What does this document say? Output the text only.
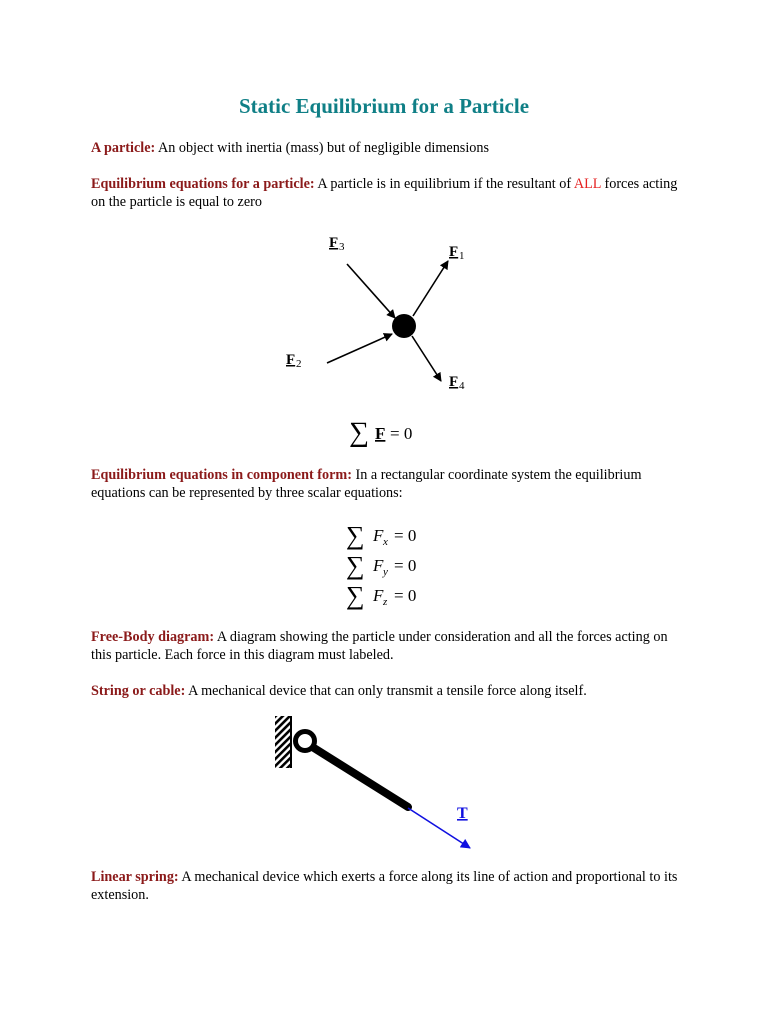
Static Equilibrium for a Particle
A particle: An object with inertia (mass) but of negligible dimensions
Equilibrium equations for a particle: A particle is in equilibrium if the resultant of ALL forces acting on the particle is equal to zero
F 3	F 1
F 2
F 4
∑ F = 0
∑ F x = 0
∑ F y = 0
∑ F z = 0
T
Equilibrium equations in component form: In a rectangular coordinate system the equilibrium equations can be represented by three scalar equations:
Free-Body diagram: A diagram showing the particle under consideration and all the forces acting on this particle. Each force in this diagram must labeled.
String or cable: A mechanical device that can only transmit a tensile force along itself.
Linear spring: A mechanical device which exerts a force along its line of action and proportional to its extension.
